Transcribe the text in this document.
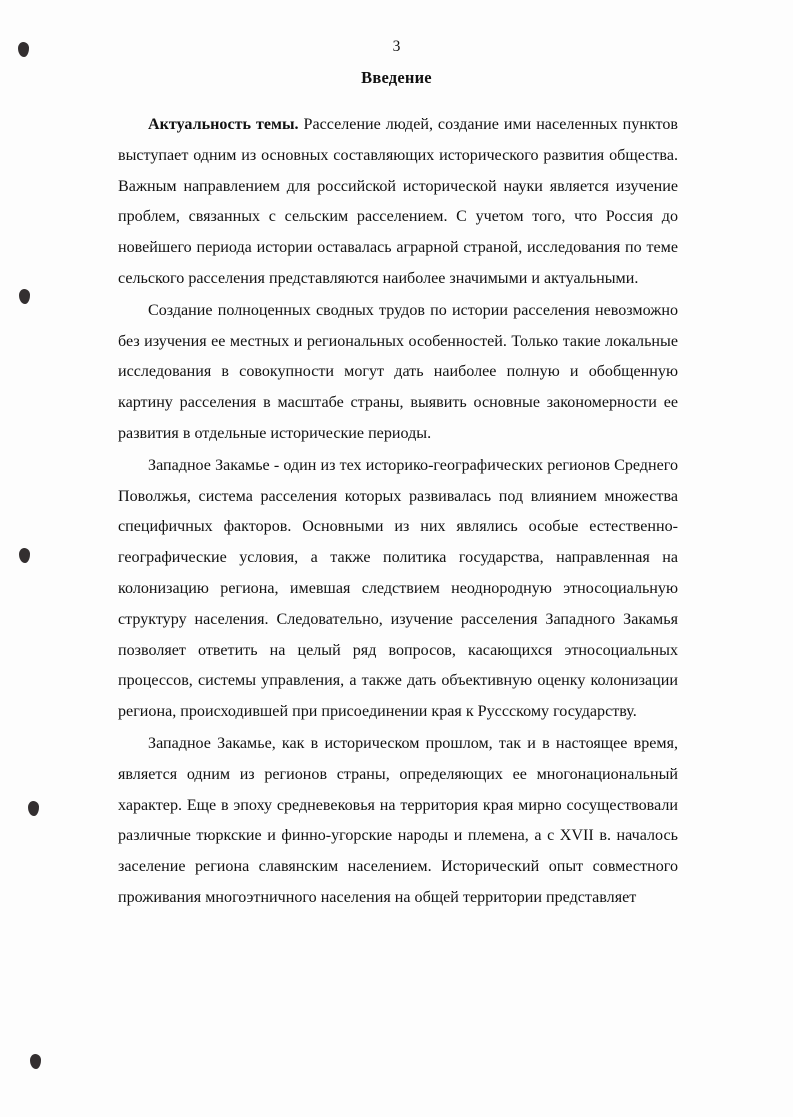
3
Введение

Актуальность темы. Расселение людей, создание ими населенных пунктов выступает одним из основных составляющих исторического развития общества. Важным направлением для российской исторической науки является изучение проблем, связанных с сельским расселением. С учетом того, что Россия до новейшего периода истории оставалась аграрной страной, исследования по теме сельского расселения представляются наиболее значимыми и актуальными.

Создание полноценных сводных трудов по истории расселения невозможно без изучения ее местных и региональных особенностей. Только такие локальные исследования в совокупности могут дать наиболее полную и обобщенную картину расселения в масштабе страны, выявить основные закономерности ее развития в отдельные исторические периоды.

Западное Закамье - один из тех историко-географических регионов Среднего Поволжья, система расселения которых развивалась под влиянием множества специфичных факторов. Основными из них являлись особые естественно-географические условия, а также политика государства, направленная на колонизацию региона, имевшая следствием неоднородную этносоциальную структуру населения. Следовательно, изучение расселения Западного Закамья позволяет ответить на целый ряд вопросов, касающихся этносоциальных процессов, системы управления, а также дать объективную оценку колонизации региона, происходившей при присоединении края к Руссскому государству.

Западное Закамье, как в историческом прошлом, так и в настоящее время, является одним из регионов страны, определяющих ее многонациональный характер. Еще в эпоху средневековья на территория края мирно сосуществовали различные тюркские и финно-угорские народы и племена, а с XVII в. началось заселение региона славянским населением. Исторический опыт совместного проживания многоэтничного населения на общей территории представляет
